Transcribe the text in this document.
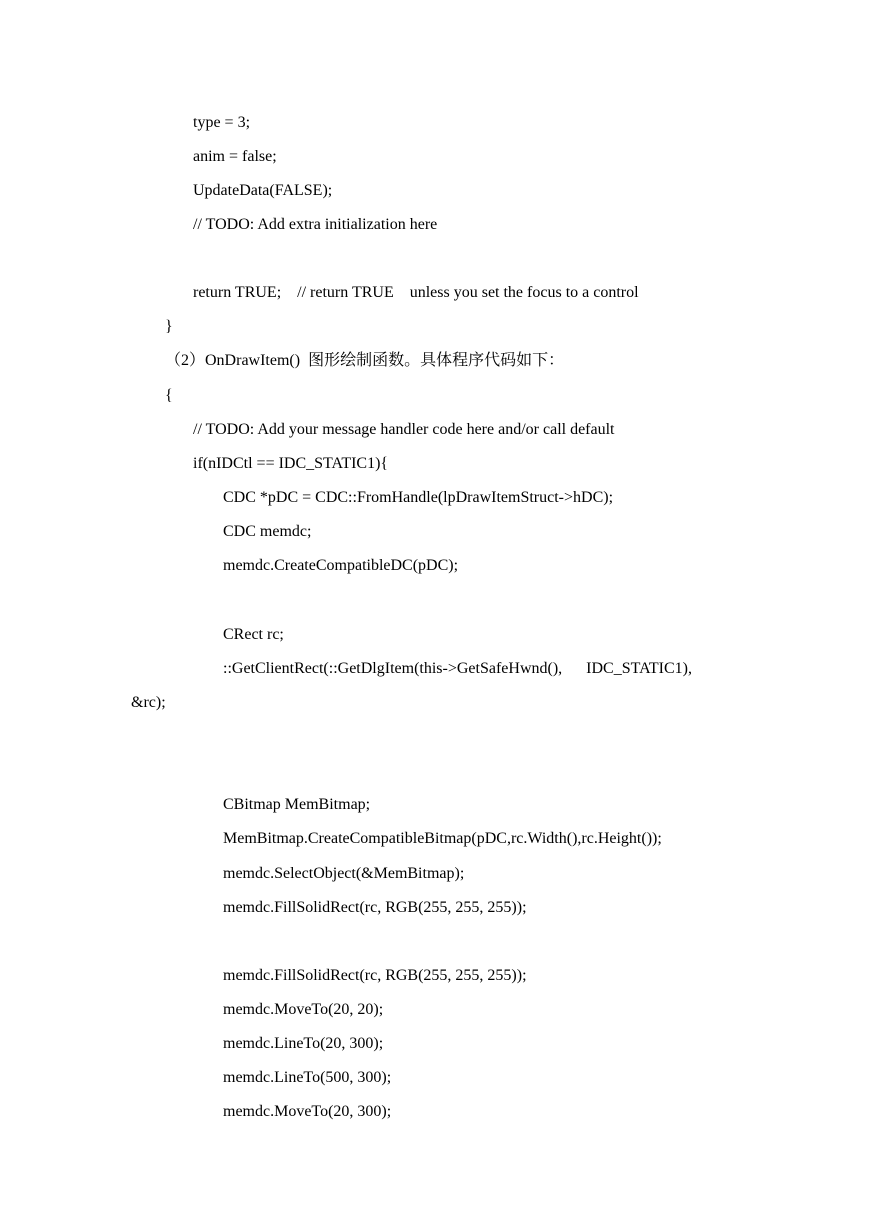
type = 3;
anim = false;
UpdateData(FALSE);
// TODO: Add extra initialization here
return TRUE;    // return TRUE    unless you set the focus to a control
}
（2）OnDrawItem()  图形绘制函数。具体程序代码如下：
{
// TODO: Add your message handler code here and/or call default
if(nIDCtl == IDC_STATIC1){
CDC *pDC = CDC::FromHandle(lpDrawItemStruct->hDC);
CDC memdc;
memdc.CreateCompatibleDC(pDC);
CRect rc;
::GetClientRect(::GetDlgItem(this->GetSafeHwnd(),      IDC_STATIC1),
&rc);
CBitmap MemBitmap;
MemBitmap.CreateCompatibleBitmap(pDC,rc.Width(),rc.Height());
memdc.SelectObject(&MemBitmap);
memdc.FillSolidRect(rc, RGB(255, 255, 255));
memdc.FillSolidRect(rc, RGB(255, 255, 255));
memdc.MoveTo(20, 20);
memdc.LineTo(20, 300);
memdc.LineTo(500, 300);
memdc.MoveTo(20, 300);
